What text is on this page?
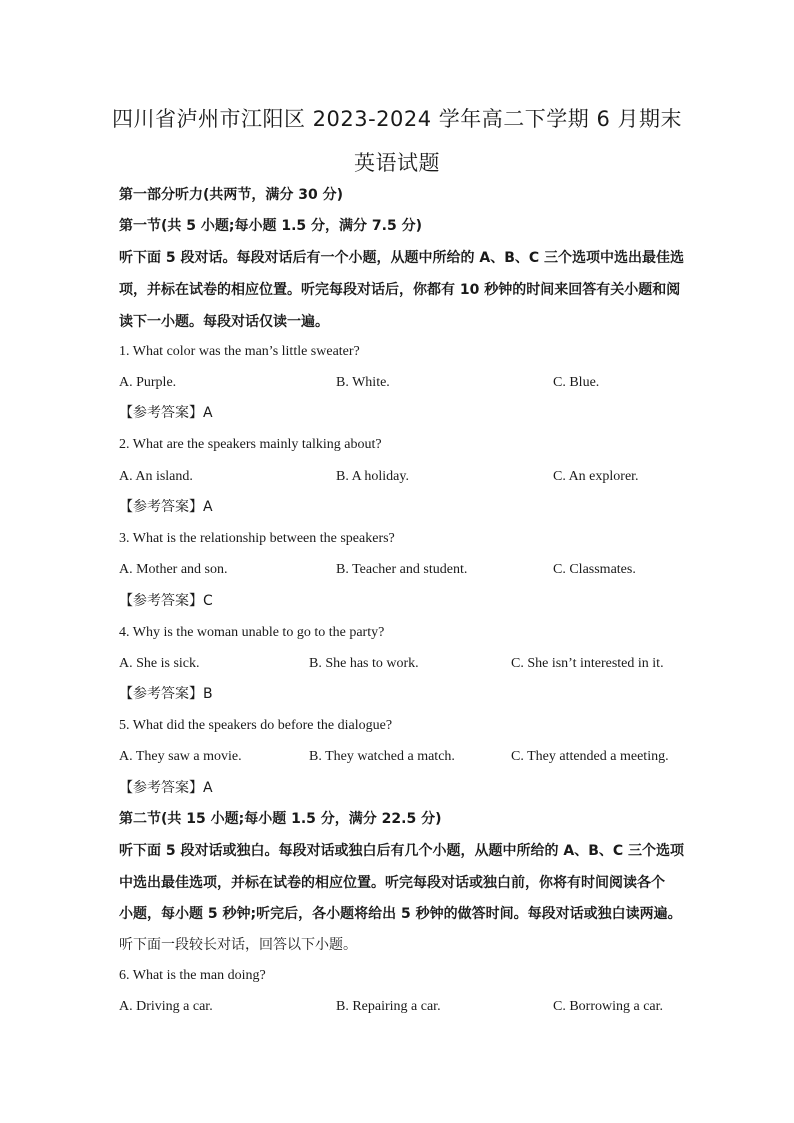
四川省泸州市江阳区 2023-2024 学年高二下学期 6 月期末
英语试题
第一部分听力(共两节，满分 30 分)
第一节(共 5 小题;每小题 1.5 分，满分 7.5 分)
听下面 5 段对话。每段对话后有一个小题，从题中所给的 A、B、C 三个选项中选出最佳选
项，并标在试卷的相应位置。听完每段对话后，你都有 10 秒钟的时间来回答有关小题和阅
读下一小题。每段对话仅读一遍。
1. What color was the man’s little sweater?
A. Purple.	B. White.	C. Blue.
【参考答案】A
2. What are the speakers mainly talking about?
A. An island.	B. A holiday.	C. An explorer.
【参考答案】A
3. What is the relationship between the speakers?
A. Mother and son.	B. Teacher and student.	C. Classmates.
【参考答案】C
4. Why is the woman unable to go to the party?
A. She is sick.	B. She has to work.	C. She isn’t interested in it.
【参考答案】B
5. What did the speakers do before the dialogue?
A. They saw a movie.	B. They watched a match.	C. They attended a meeting.
【参考答案】A
第二节(共 15 小题;每小题 1.5 分，满分 22.5 分)
听下面 5 段对话或独白。每段对话或独白后有几个小题，从题中所给的 A、B、C 三个选项
中选出最佳选项，并标在试卷的相应位置。听完每段对话或独白前，你将有时间阅读各个
小题，每小题 5 秒钟;听完后，各小题将给出 5 秒钟的做答时间。每段对话或独白读两遍。
听下面一段较长对话，回答以下小题。
6. What is the man doing?
A. Driving a car.	B. Repairing a car.	C. Borrowing a car.
